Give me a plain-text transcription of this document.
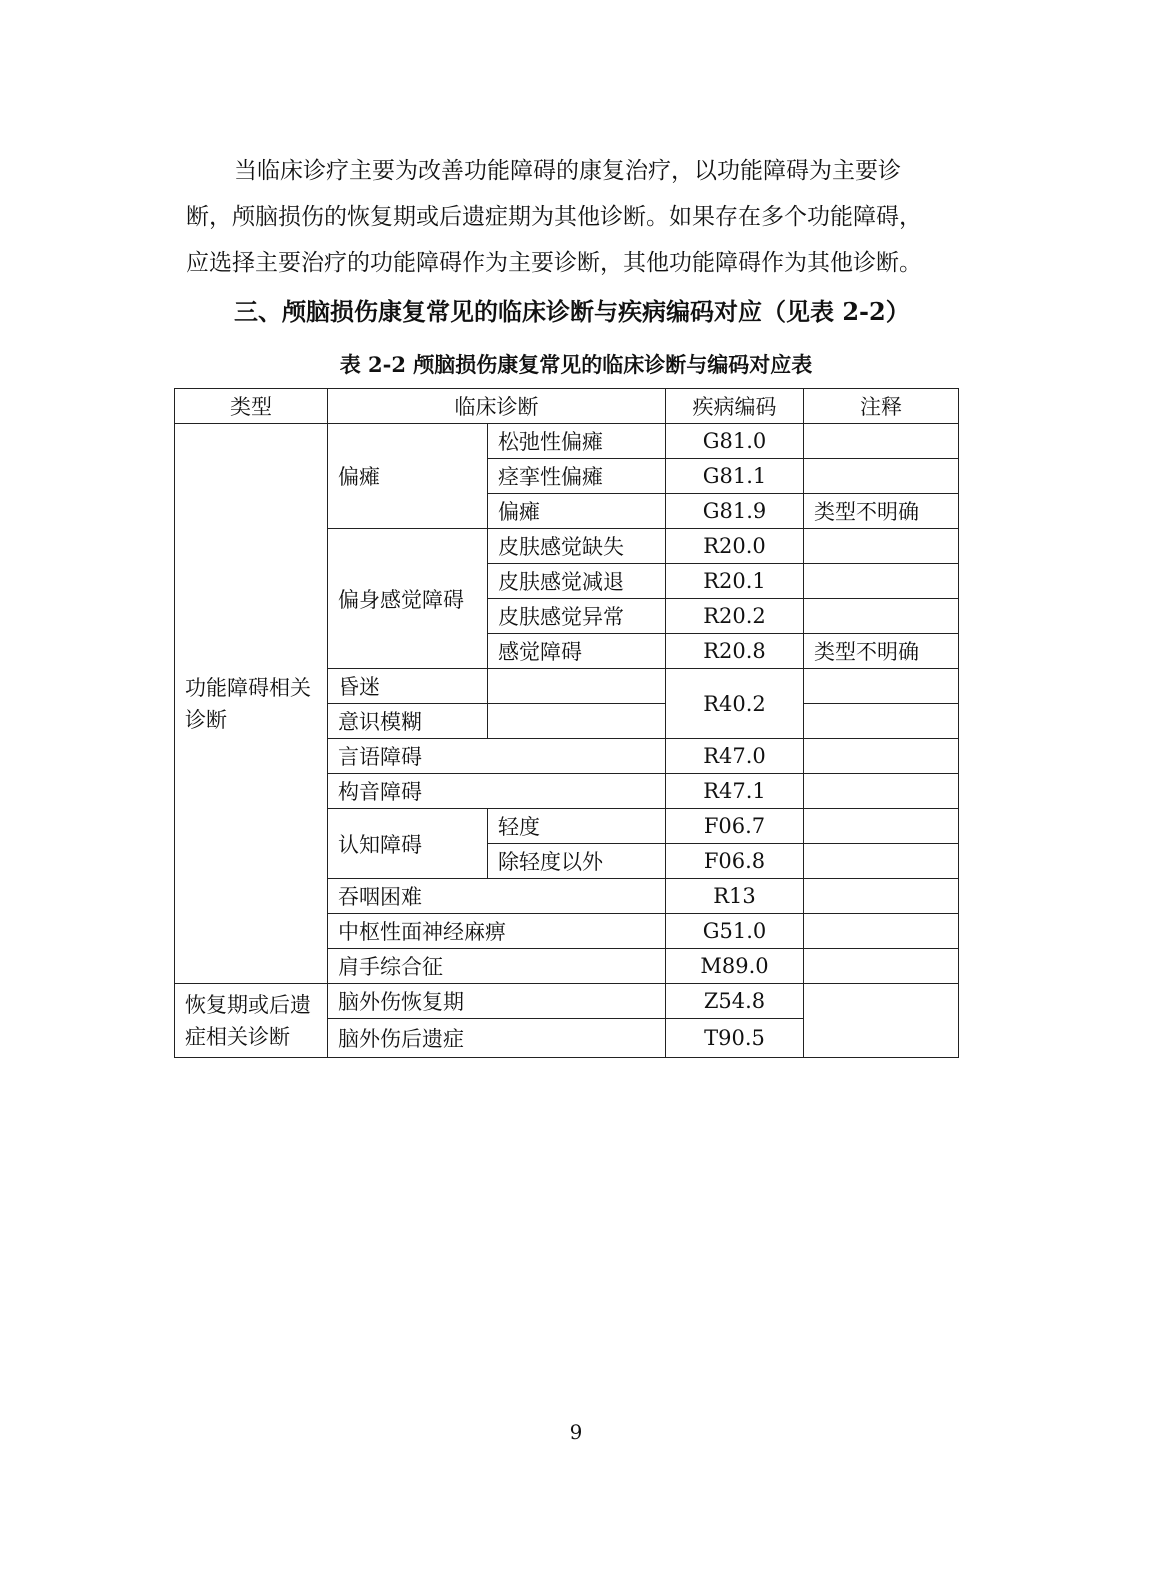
当临床诊疗主要为改善功能障碍的康复治疗，以功能障碍为主要诊
断，颅脑损伤的恢复期或后遗症期为其他诊断。如果存在多个功能障碍，
应选择主要治疗的功能障碍作为主要诊断，其他功能障碍作为其他诊断。

三、颅脑损伤康复常见的临床诊断与疾病编码对应（见表 2-2）

表 2-2 颅脑损伤康复常见的临床诊断与编码对应表

类型	临床诊断		疾病编码	注释
功能障碍相关诊断	偏瘫	松弛性偏瘫	G81.0	
		痉挛性偏瘫	G81.1	
		偏瘫	G81.9	类型不明确
	偏身感觉障碍	皮肤感觉缺失	R20.0	
		皮肤感觉减退	R20.1	
		皮肤感觉异常	R20.2	
		感觉障碍	R20.8	类型不明确
	昏迷		R40.2	
	意识模糊			
	言语障碍		R47.0	
	构音障碍		R47.1	
	认知障碍	轻度	F06.7	
		除轻度以外	F06.8	
	吞咽困难		R13	
	中枢性面神经麻痹		G51.0	
	肩手综合征		M89.0	
恢复期或后遗症相关诊断	脑外伤恢复期		Z54.8	
	脑外伤后遗症		T90.5	

9
